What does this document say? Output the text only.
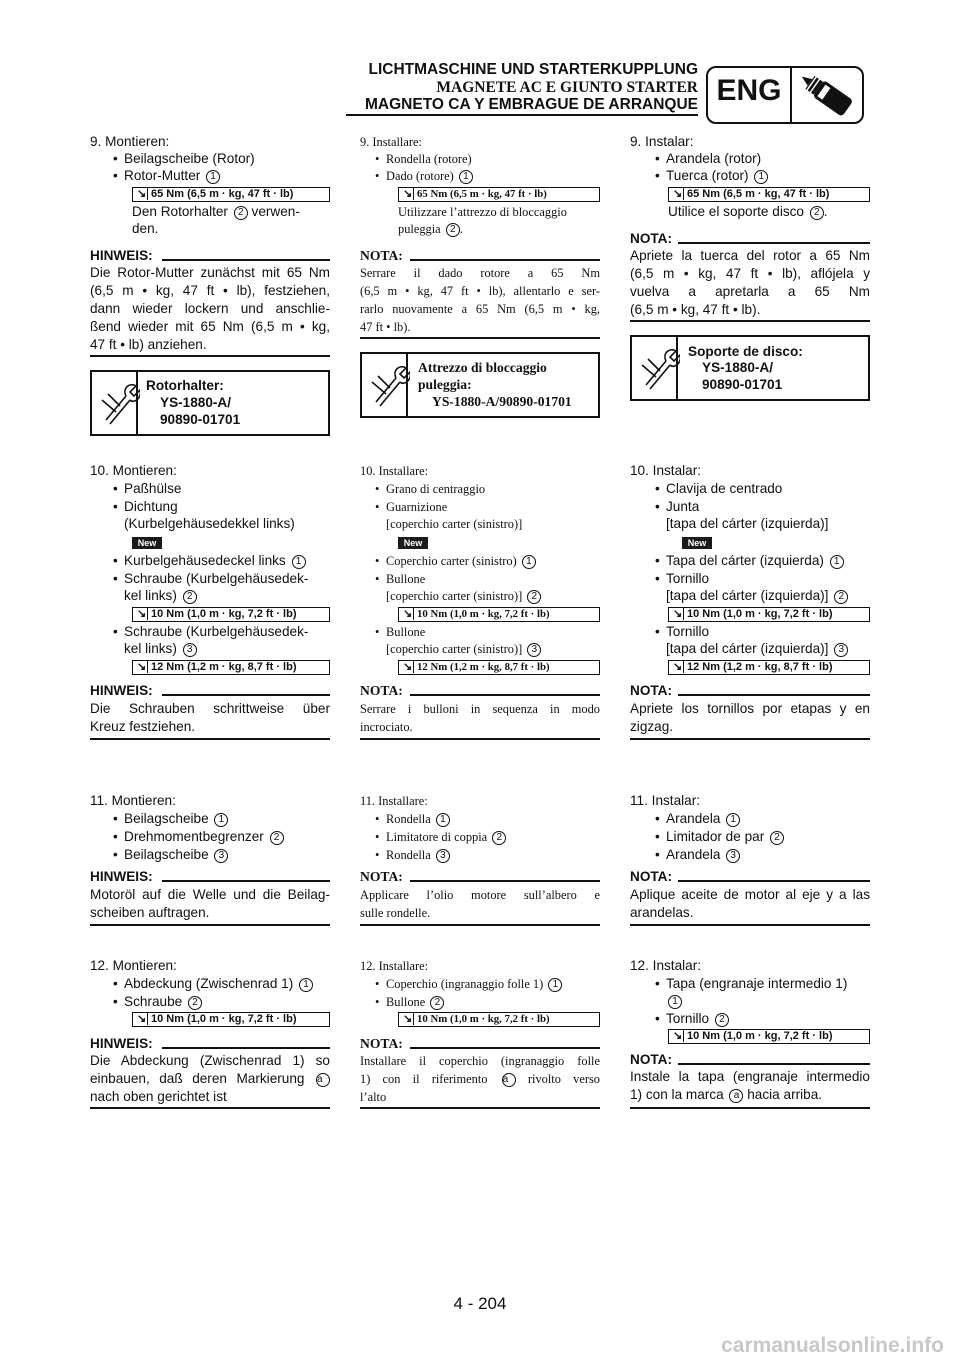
LICHTMASCHINE UND STARTERKUPPLUNG
MAGNETE AC E GIUNTO STARTER
MAGNETO CA Y EMBRAGUE DE ARRANQUE ENG
9. Montieren:
• Beilagscheibe (Rotor)
• Rotor-Mutter 1
↘ 65 Nm (6,5 m · kg, 47 ft · lb)
Den Rotorhalter 2 verwen-
den.
HINWEIS:
Die Rotor-Mutter zunächst mit 65 Nm
(6,5 m • kg, 47 ft • lb), festziehen,
dann wieder lockern und anschlie-
ßend wieder mit 65 Nm (6,5 m • kg,
47 ft • lb) anziehen.
Rotorhalter:
YS-1880-A/
90890-01701
10. Montieren:
• Paßhülse
• Dichtung
(Kurbelgehäusedekkel links)
New
• Kurbelgehäusedeckel links 1
• Schraube (Kurbelgehäusedek-
kel links) 2
↘ 10 Nm (1,0 m · kg, 7,2 ft · lb)
• Schraube (Kurbelgehäusedek-
kel links) 3
↘ 12 Nm (1,2 m · kg, 8,7 ft · lb)
HINWEIS:
Die Schrauben schrittweise über
Kreuz festziehen.
11. Montieren:
• Beilagscheibe 1
• Drehmomentbegrenzer 2
• Beilagscheibe 3
HINWEIS:
Motoröl auf die Welle und die Beilag-
scheiben auftragen.
12. Montieren:
• Abdeckung (Zwischenrad 1) 1
• Schraube 2
↘ 10 Nm (1,0 m · kg, 7,2 ft · lb)
HINWEIS:
Die Abdeckung (Zwischenrad 1) so
einbauen, daß deren Markierung a
nach oben gerichtet ist
9. Installare:
• Rondella (rotore)
• Dado (rotore) 1
↘ 65 Nm (6,5 m · kg, 47 ft · lb)
Utilizzare l’attrezzo di bloccaggio
puleggia 2 .
NOTA:
Serrare il dado rotore a 65 Nm
(6,5 m • kg, 47 ft • lb), allentarlo e ser-
rarlo nuovamente a 65 Nm (6,5 m • kg,
47 ft • lb).
Attrezzo di bloccaggio
puleggia:
YS-1880-A/90890-01701
10. Installare:
• Grano di centraggio
• Guarnizione
[coperchio carter (sinistro)]
New
• Coperchio carter (sinistro) 1
• Bullone
[coperchio carter (sinistro)] 2
↘ 10 Nm (1,0 m · kg, 7,2 ft · lb)
• Bullone
[coperchio carter (sinistro)] 3
↘ 12 Nm (1,2 m · kg, 8,7 ft · lb)
NOTA:
Serrare i bulloni in sequenza in modo
incrociato.
11. Installare:
• Rondella 1
• Limitatore di coppia 2
• Rondella 3
NOTA:
Applicare l’olio motore sull’albero e
sulle rondelle.
12. Installare:
• Coperchio (ingranaggio folle 1) 1
• Bullone 2
↘ 10 Nm (1,0 m · kg, 7,2 ft · lb)
NOTA:
Installare il coperchio (ingranaggio folle
1) con il riferimento a rivolto verso
l’alto
9. Instalar:
• Arandela (rotor)
• Tuerca (rotor) 1
↘ 65 Nm (6,5 m · kg, 47 ft · lb)
Utilice el soporte disco 2 .
NOTA:
Apriete la tuerca del rotor a 65 Nm
(6,5 m • kg, 47 ft • lb), aflójela y
vuelva a apretarla a 65 Nm
(6,5 m • kg, 47 ft • lb).
Soporte de disco:
YS-1880-A/
90890-01701
10. Instalar:
• Clavija de centrado
• Junta
[tapa del cárter (izquierda)]
New
• Tapa del cárter (izquierda) 1
• Tornillo
[tapa del cárter (izquierda)] 2
↘ 10 Nm (1,0 m · kg, 7,2 ft · lb)
• Tornillo
[tapa del cárter (izquierda)] 3
↘ 12 Nm (1,2 m · kg, 8,7 ft · lb)
NOTA:
Apriete los tornillos por etapas y en
zigzag.
11. Instalar:
• Arandela 1
• Limitador de par 2
• Arandela 3
NOTA:
Aplique aceite de motor al eje y a las
arandelas.
12. Instalar:
• Tapa (engranaje intermedio 1)
1
• Tornillo 2
↘ 10 Nm (1,0 m · kg, 7,2 ft · lb)
NOTA:
Instale la tapa (engranaje intermedio
1) con la marca a hacia arriba.
4 - 204
carmanualsonline.info
